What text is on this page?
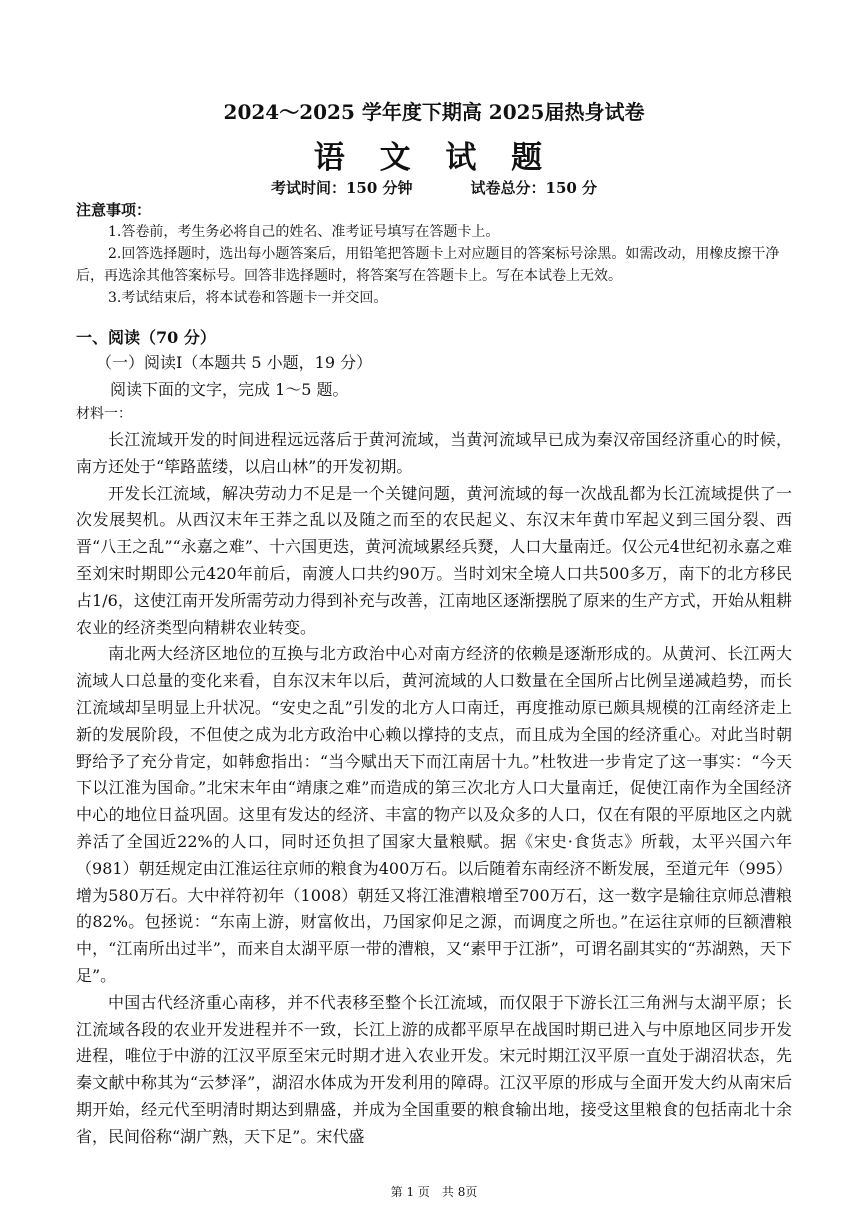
2024～2025 学年度下期高 2025届热身试卷
语 文 试 题
考试时间：150 分钟	试卷总分：150 分
注意事项：

1.答卷前，考生务必将自己的姓名、准考证号填写在答题卡上。

2.回答选择题时，选出每小题答案后，用铅笔把答题卡上对应题目的答案标号涂黑。如需改动，用橡皮擦干净后，再选涂其他答案标号。回答非选择题时，将答案写在答题卡上。写在本试卷上无效。

3.考试结束后，将本试卷和答题卡一并交回。

一、阅读（70 分）
（一）阅读Ⅰ（本题共 5 小题，19 分）
阅读下面的文字，完成 1～5 题。
材料一：

长江流域开发的时间进程远远落后于黄河流域，当黄河流域早已成为秦汉帝国经济重心的时候，南方还处于“筚路蓝缕，以启山林”的开发初期。

开发长江流域，解决劳动力不足是一个关键问题，黄河流域的每一次战乱都为长江流域提供了一次发展契机。从西汉末年王莽之乱以及随之而至的农民起义、东汉末年黄巾军起义到三国分裂、西晋“八王之乱”“永嘉之难”、十六国更迭，黄河流域累经兵燹，人口大量南迁。仅公元4世纪初永嘉之难至刘宋时期即公元420年前后，南渡人口共约90万。当时刘宋全境人口共500多万，南下的北方移民占1/6，这使江南开发所需劳动力得到补充与改善，江南地区逐渐摆脱了原来的生产方式，开始从粗耕农业的经济类型向精耕农业转变。

南北两大经济区地位的互换与北方政治中心对南方经济的依赖是逐渐形成的。从黄河、长江两大流域人口总量的变化来看，自东汉末年以后，黄河流域的人口数量在全国所占比例呈递减趋势，而长江流域却呈明显上升状况。“安史之乱”引发的北方人口南迁，再度推动原已颇具规模的江南经济走上新的发展阶段，不但使之成为北方政治中心赖以撑持的支点，而且成为全国的经济重心。对此当时朝野给予了充分肯定，如韩愈指出：“当今赋出天下而江南居十九。”杜牧进一步肯定了这一事实：“今天下以江淮为国命。”北宋末年由“靖康之难”而造成的第三次北方人口大量南迁，促使江南作为全国经济中心的地位日益巩固。这里有发达的经济、丰富的物产以及众多的人口，仅在有限的平原地区之内就养活了全国近22%的人口，同时还负担了国家大量粮赋。据《宋史·食货志》所载，太平兴国六年（981）朝廷规定由江淮运往京师的粮食为400万石。以后随着东南经济不断发展，至道元年（995）增为580万石。大中祥符初年（1008）朝廷又将江淮漕粮增至700万石，这一数字是输往京师总漕粮的82%。包拯说：“东南上游，财富攸出，乃国家仰足之源，而调度之所也。”在运往京师的巨额漕粮中，“江南所出过半”，而来自太湖平原一带的漕粮，又“素甲于江浙”，可谓名副其实的“苏湖熟，天下足”。

中国古代经济重心南移，并不代表移至整个长江流域，而仅限于下游长江三角洲与太湖平原；长江流域各段的农业开发进程并不一致，长江上游的成都平原早在战国时期已进入与中原地区同步开发进程，唯位于中游的江汉平原至宋元时期才进入农业开发。宋元时期江汉平原一直处于湖沼状态，先秦文献中称其为“云梦泽”，湖沼水体成为开发利用的障碍。江汉平原的形成与全面开发大约从南宋后期开始，经元代至明清时期达到鼎盛，并成为全国重要的粮食输出地，接受这里粮食的包括南北十余省，民间俗称“湖广熟，天下足”。宋代盛

第 1 页　共 8页
